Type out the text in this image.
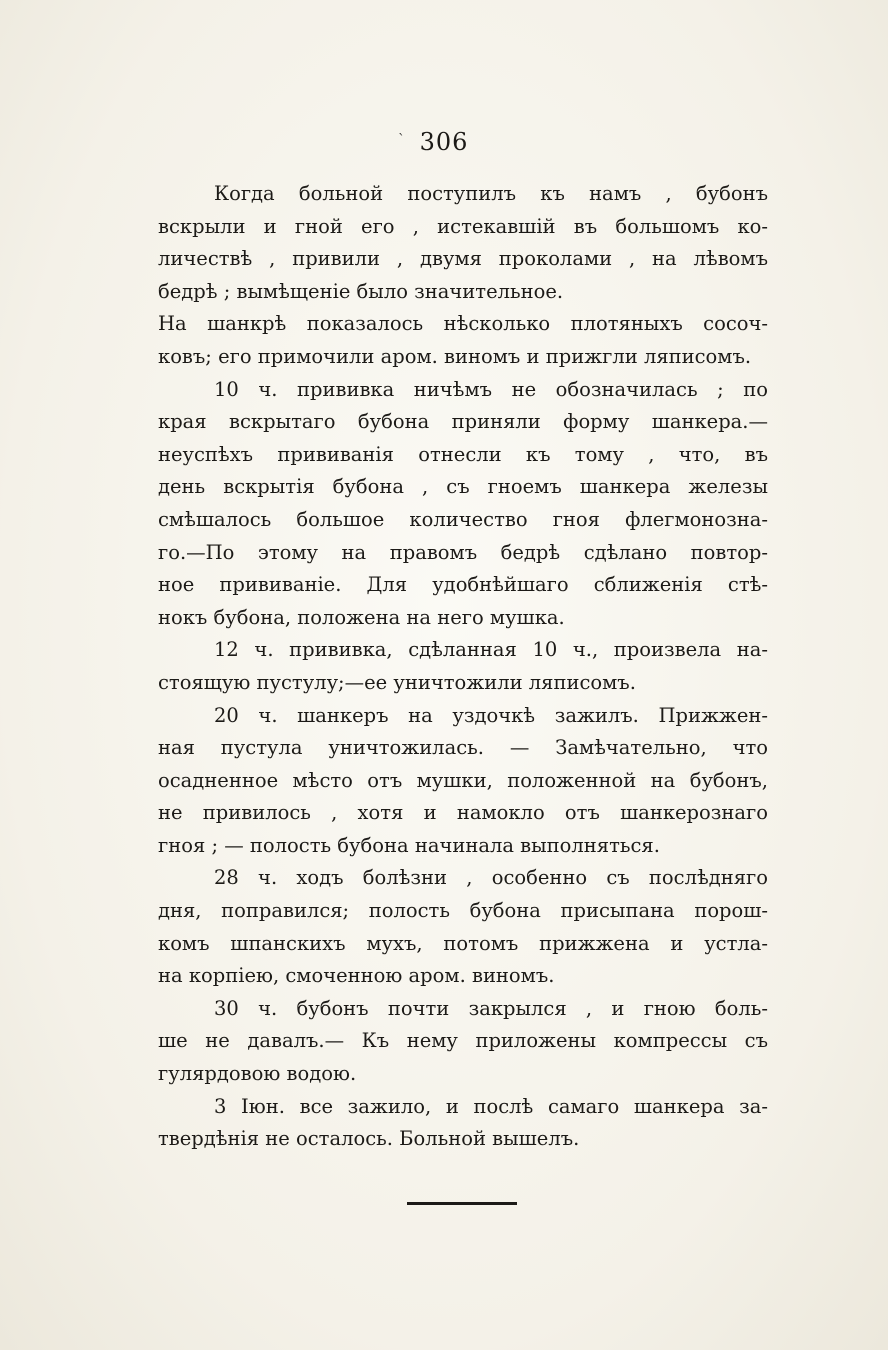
306
Когда больной поступилъ къ намъ , бубонъ
вскрыли и гной его , истекавшій въ большомъ ко-
личествѣ , привили , двумя проколами , на лѣвомъ
бедрѣ ; вымѣщеніе было значительное.
На шанкрѣ показалось нѣсколько плотяныхъ сосоч-
ковъ; его примочили аром. виномъ и прижгли ляписомъ.
10 ч. прививка ничѣмъ не обозначилась ; по
края вскрытаго бубона приняли форму шанкера.—
неуспѣхъ прививанія отнесли къ тому , что, въ
день вскрытія бубона , съ гноемъ шанкера железы
смѣшалось большое количество гноя флегмонозна-
го.—По этому на правомъ бедрѣ сдѣлано повтор-
ное прививаніе. Для удобнѣйшаго сближенія стѣ-
нокъ бубона, положена на него мушка.
12 ч. прививка, сдѣланная 10 ч., произвела на-
стоящую пустулу;—ее уничтожили ляписомъ.
20 ч. шанкеръ на уздочкѣ зажилъ. Прижжен-
ная пустула уничтожилась. — Замѣчательно, что
осадненное мѣсто отъ мушки, положенной на бубонъ,
не привилось , хотя и намокло отъ шанкерознаго
гноя ; — полость бубона начинала выполняться.
28 ч. ходъ болѣзни , особенно съ послѣдняго
дня, поправился; полость бубона присыпана порош-
комъ шпанскихъ мухъ, потомъ прижжена и устла-
на корпіею, смоченною аром. виномъ.
30 ч. бубонъ почти закрылся , и гною боль-
ше не давалъ.— Къ нему приложены компрессы съ
гулярдовою водою.
3 Іюн. все зажило, и послѣ самаго шанкера за-
твердѣнія не осталось. Больной вышелъ.
`
